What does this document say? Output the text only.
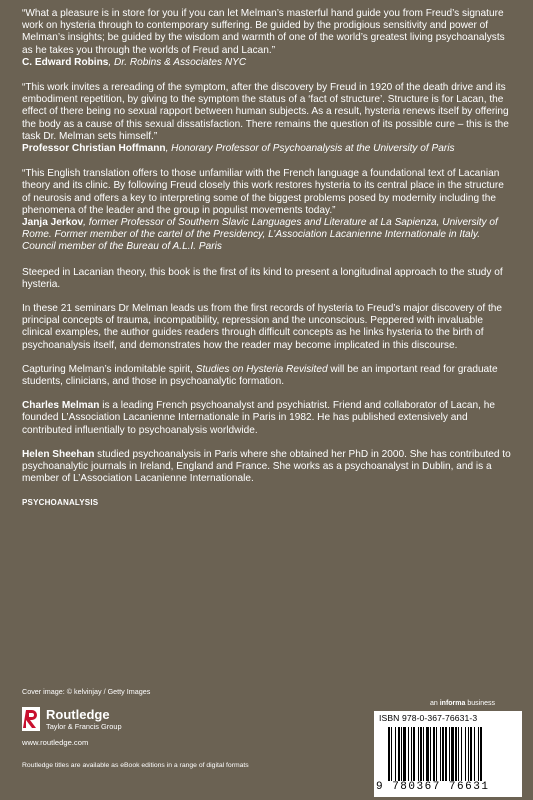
“What a pleasure is in store for you if you can let Melman’s masterful hand guide you from Freud’s signature work on hysteria through to contemporary suffering. Be guided by the prodigious sensitivity and power of Melman’s insights; be guided by the wisdom and warmth of one of the world’s greatest living psychoanalysts as he takes you through the worlds of Freud and Lacan.”

C. Edward Robins, Dr. Robins & Associates NYC

“This work invites a rereading of the symptom, after the discovery by Freud in 1920 of the death drive and its embodiment repetition, by giving to the symptom the status of a ‘fact of structure’. Structure is for Lacan, the effect of there being no sexual rapport between human subjects. As a result, hysteria renews itself by offering the body as a cause of this sexual dissatisfaction. There remains the question of its possible cure – this is the task Dr. Melman sets himself.”

Professor Christian Hoffmann, Honorary Professor of Psychoanalysis at the University of Paris

“This English translation offers to those unfamiliar with the French language a foundational text of Lacanian theory and its clinic. By following Freud closely this work restores hysteria to its central place in the structure of neurosis and offers a key to interpreting some of the biggest problems posed by modernity including the phenomena of the leader and the group in populist movements today.”

Janja Jerkov, former Professor of Southern Slavic Languages and Literature at La Sapienza, University of Rome. Former member of the cartel of the Presidency, L’Association Lacanienne Internationale in Italy. Council member of the Bureau of A.L.I. Paris

Steeped in Lacanian theory, this book is the first of its kind to present a longitudinal approach to the study of hysteria.

In these 21 seminars Dr Melman leads us from the first records of hysteria to Freud’s major discovery of the principal concepts of trauma, incompatibility, repression and the unconscious. Peppered with invaluable clinical examples, the author guides readers through difficult concepts as he links hysteria to the birth of psychoanalysis itself, and demonstrates how the reader may become implicated in this discourse.

Capturing Melman’s indomitable spirit, Studies on Hysteria Revisited will be an important read for graduate students, clinicians, and those in psychoanalytic formation.

Charles Melman is a leading French psychoanalyst and psychiatrist. Friend and collaborator of Lacan, he founded L’Association Lacanienne Internationale in Paris in 1982. He has published extensively and contributed influentially to psychoanalysis worldwide.

Helen Sheehan studied psychoanalysis in Paris where she obtained her PhD in 2000. She has contributed to psychoanalytic journals in Ireland, England and France. She works as a psychoanalyst in Dublin, and is a member of L’Association Lacanienne Internationale.

PSYCHOANALYSIS
Cover image: © kelvinjay / Getty Images
Routledge
Taylor & Francis Group
www.routledge.com
Routledge titles are available as eBook editions in a range of digital formats
an informa business
ISBN 978-0-367-76631-3
9 780367 76631
